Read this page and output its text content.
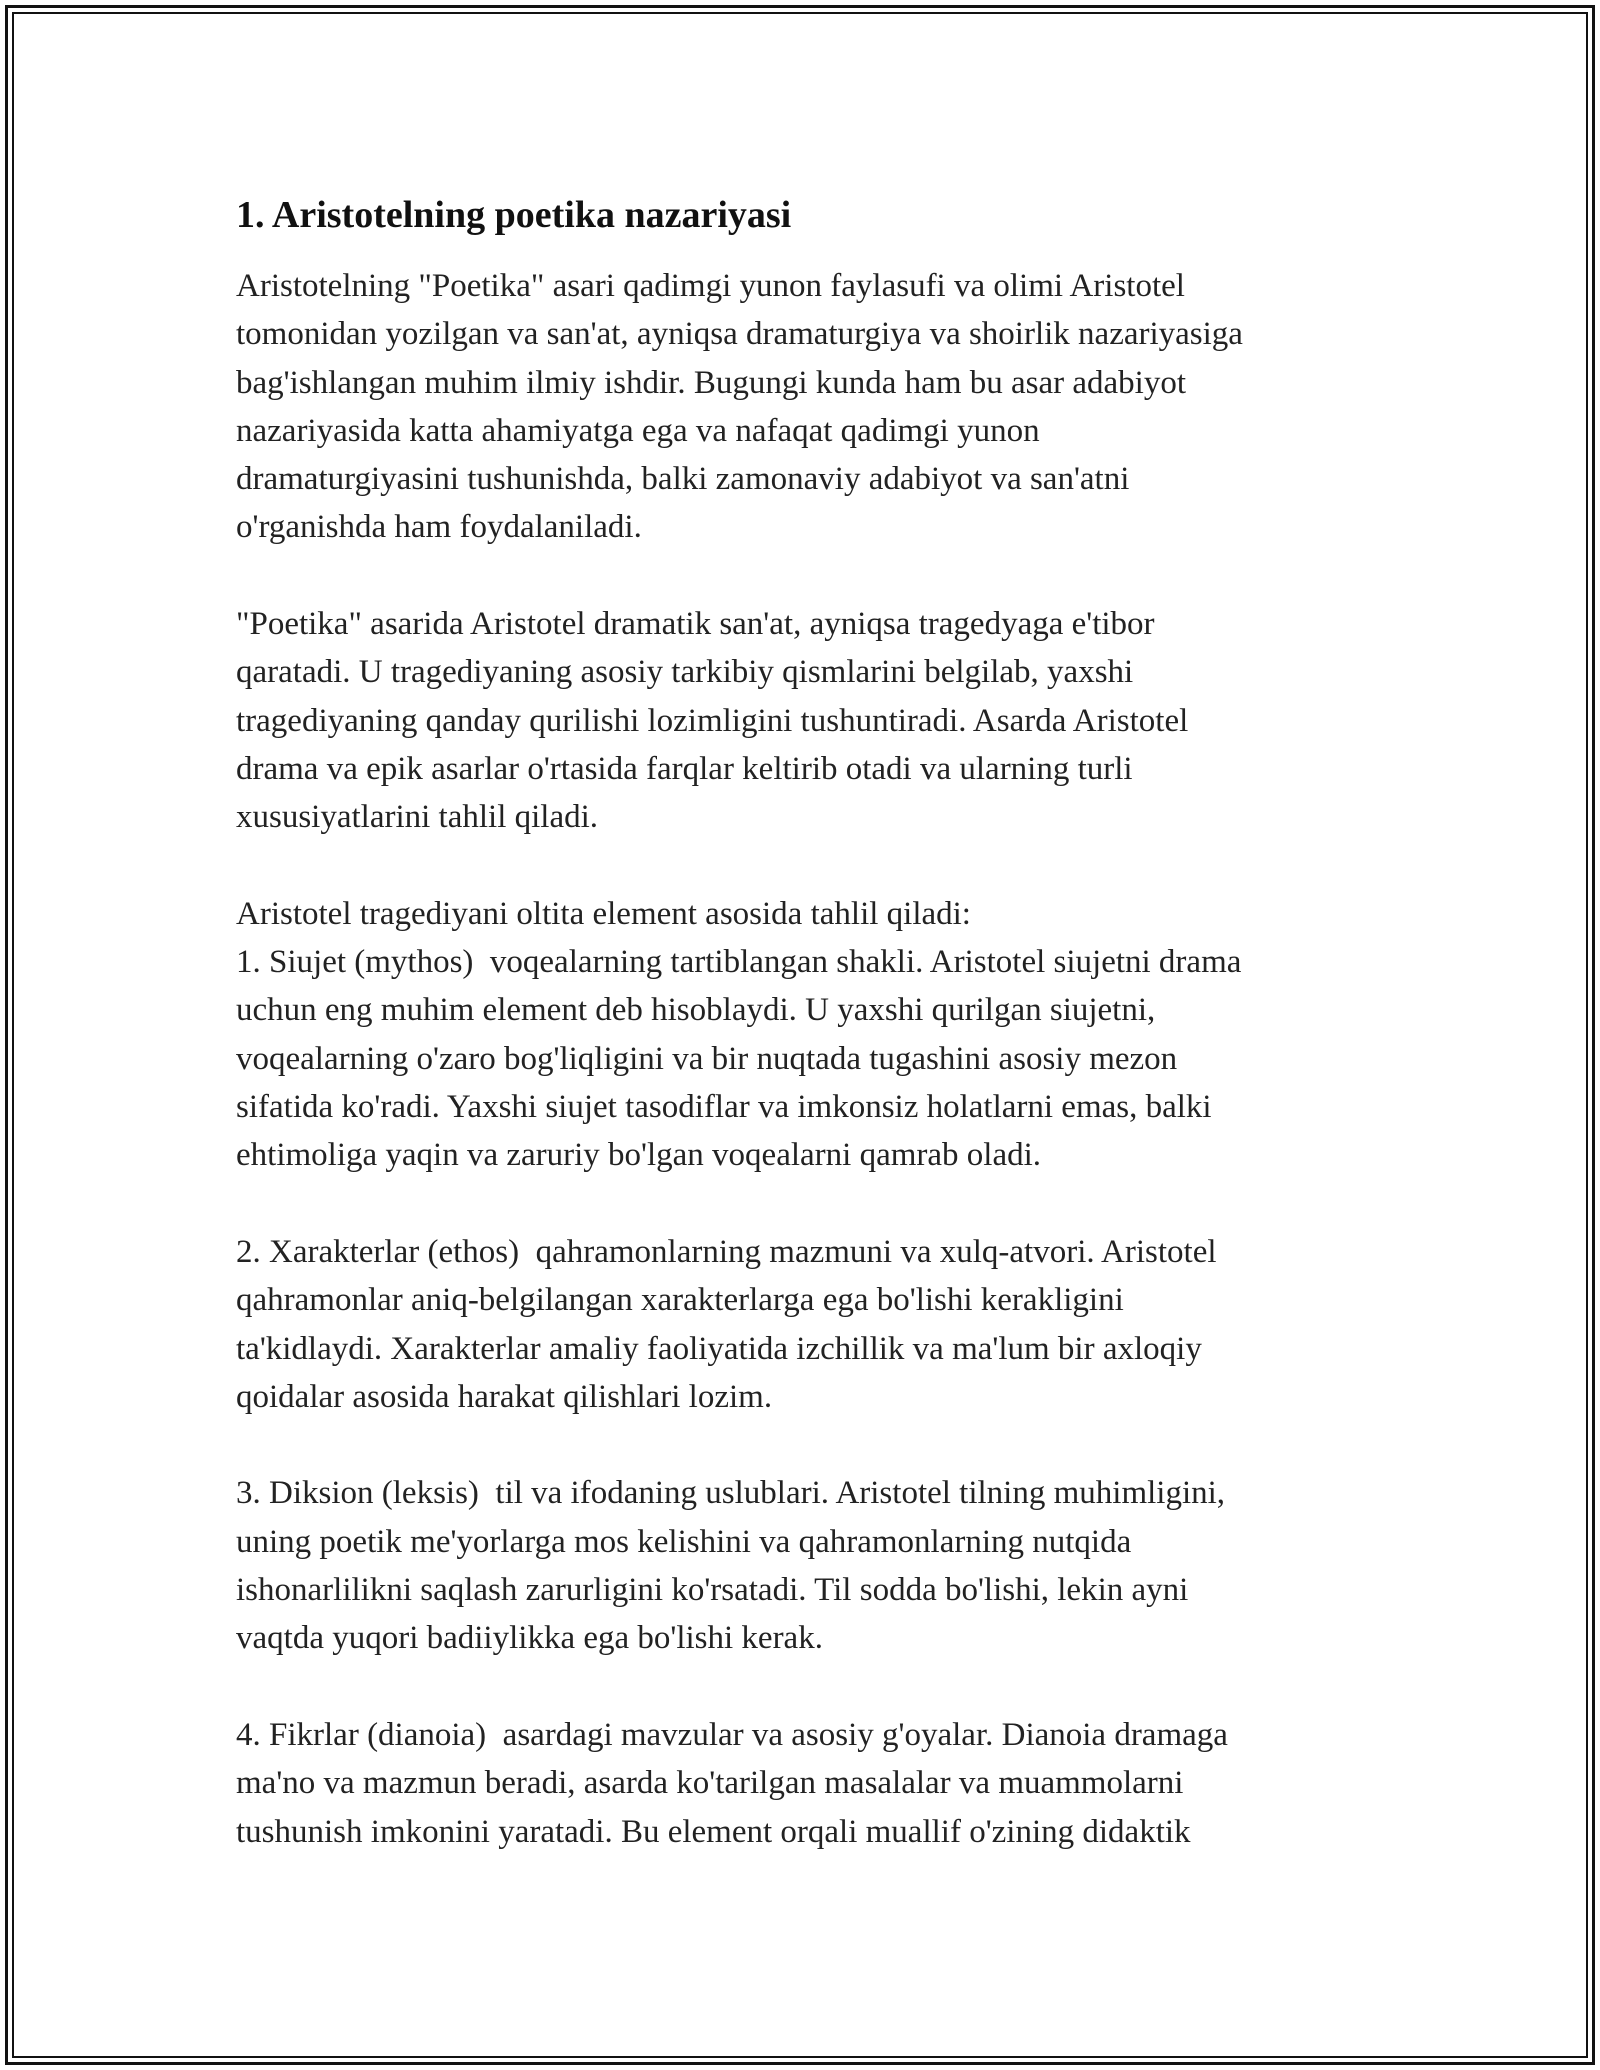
1. Aristotelning poetika nazariyasi
Aristotelning "Poetika" asari qadimgi yunon faylasufi va olimi Aristotel
tomonidan yozilgan va san'at, ayniqsa dramaturgiya va shoirlik nazariyasiga
bag'ishlangan muhim ilmiy ishdir. Bugungi kunda ham bu asar adabiyot
nazariyasida katta ahamiyatga ega va nafaqat qadimgi yunon
dramaturgiyasini tushunishda, balki zamonaviy adabiyot va san'atni
o'rganishda ham foydalaniladi.
"Poetika" asarida Aristotel dramatik san'at, ayniqsa tragedyaga e'tibor
qaratadi. U tragediyaning asosiy tarkibiy qismlarini belgilab, yaxshi
tragediyaning qanday qurilishi lozimligini tushuntiradi. Asarda Aristotel
drama va epik asarlar o'rtasida farqlar keltirib otadi va ularning turli
xususiyatlarini tahlil qiladi.
Aristotel tragediyani oltita element asosida tahlil qiladi:
1. Siujet (mythos)  voqealarning tartiblangan shakli. Aristotel siujetni drama
uchun eng muhim element deb hisoblaydi. U yaxshi qurilgan siujetni,
voqealarning o'zaro bog'liqligini va bir nuqtada tugashini asosiy mezon
sifatida ko'radi. Yaxshi siujet tasodiflar va imkonsiz holatlarni emas, balki
ehtimoliga yaqin va zaruriy bo'lgan voqealarni qamrab oladi.
2. Xarakterlar (ethos)  qahramonlarning mazmuni va xulq-atvori. Aristotel
qahramonlar aniq-belgilangan xarakterlarga ega bo'lishi kerakligini
ta'kidlaydi. Xarakterlar amaliy faoliyatida izchillik va ma'lum bir axloqiy
qoidalar asosida harakat qilishlari lozim.
3. Diksion (leksis)  til va ifodaning uslublari. Aristotel tilning muhimligini,
uning poetik me'yorlarga mos kelishini va qahramonlarning nutqida
ishonarlilikni saqlash zarurligini ko'rsatadi. Til sodda bo'lishi, lekin ayni
vaqtda yuqori badiiylikka ega bo'lishi kerak.
4. Fikrlar (dianoia)  asardagi mavzular va asosiy g'oyalar. Dianoia dramaga
ma'no va mazmun beradi, asarda ko'tarilgan masalalar va muammolarni
tushunish imkonini yaratadi. Bu element orqali muallif o'zining didaktik
